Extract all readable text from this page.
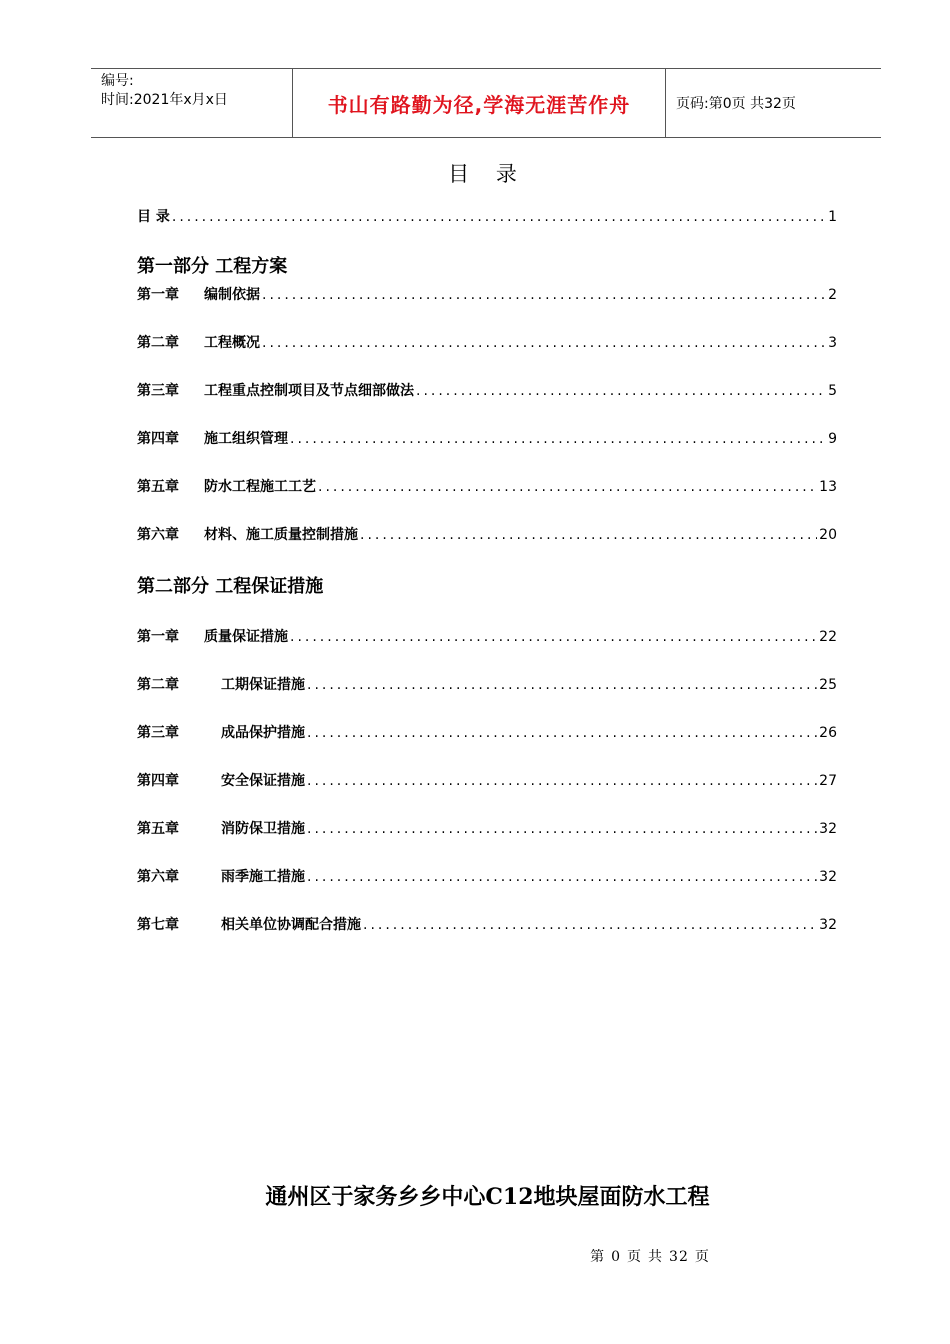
编号:
时间:2021年x月x日	书山有路勤为径,学海无涯苦作舟	页码:第0页 共32页
目 录
目 录 .....	1
第一部分 工程方案
第一章	编制依据 .....	2
第二章	工程概况 .....	3
第三章	工程重点控制项目及节点细部做法 .....	5
第四章	施工组织管理 .....	9
第五章	防水工程施工工艺 .....	13
第六章	材料、施工质量控制措施 .....	20
第二部分 工程保证措施
第一章	质量保证措施 .....	22
第二章	工期保证措施 .....	25
第三章	成品保护措施 .....	26
第四章	安全保证措施 .....	27
第五章	消防保卫措施 .....	32
第六章	雨季施工措施 .....	32
第七章	相关单位协调配合措施 .....	32
通州区于家务乡乡中心C12地块屋面防水工程
第 0 页 共 32 页
